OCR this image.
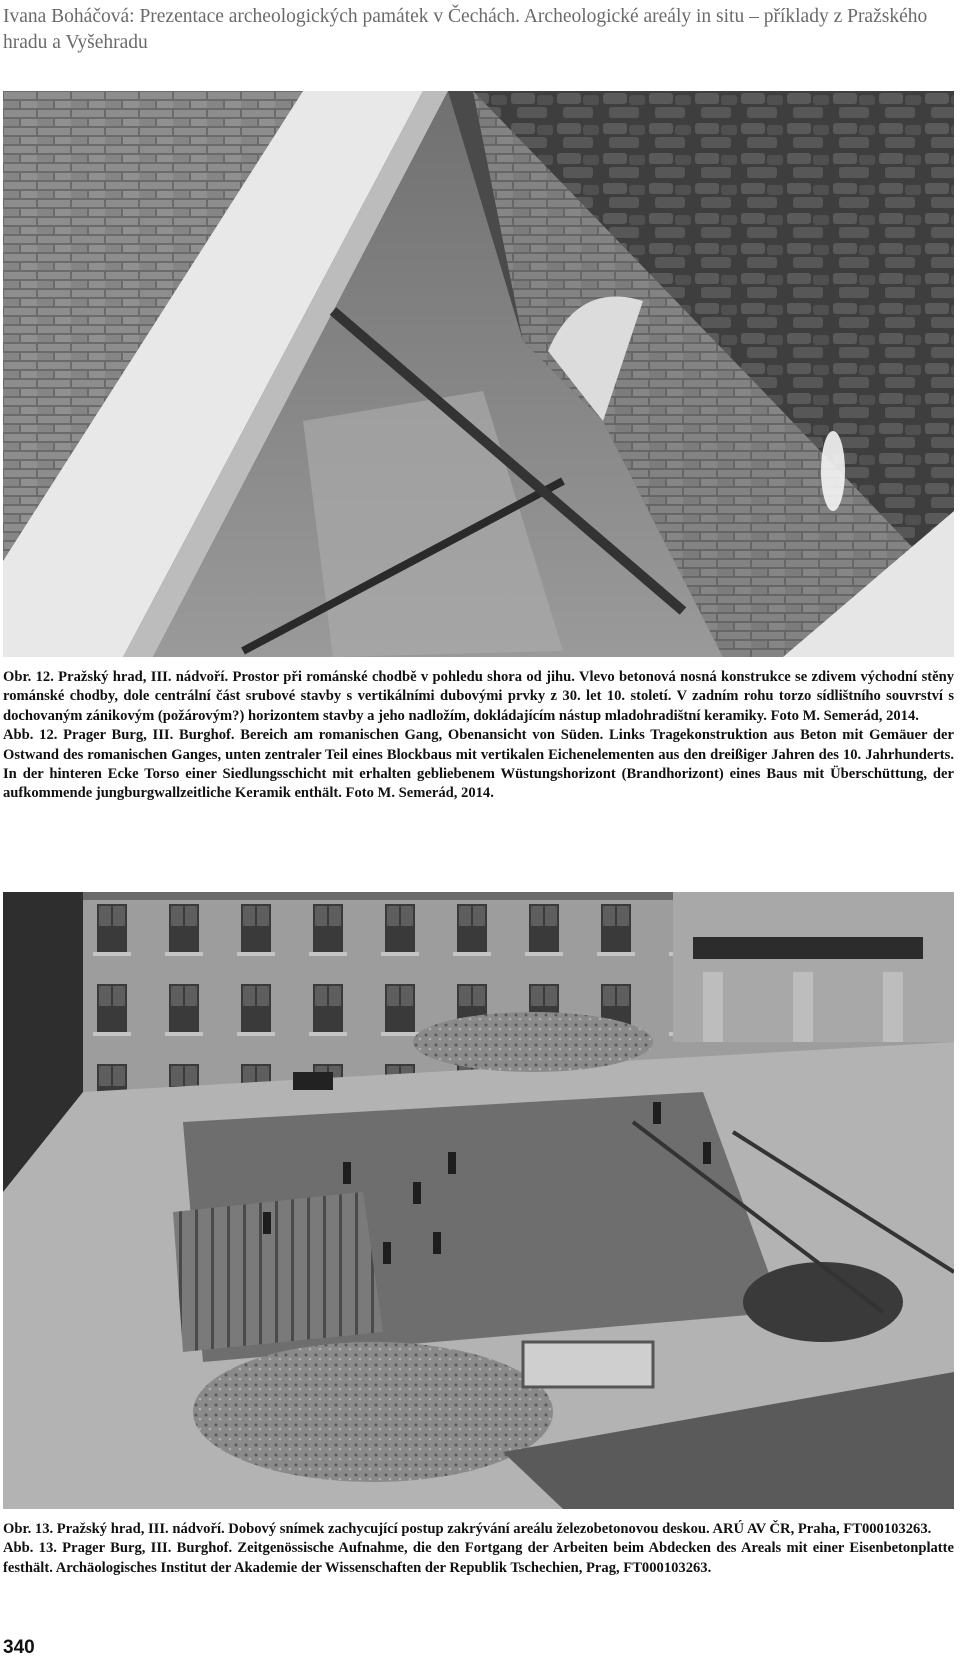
Ivana Boháčová: Prezentace archeologických památek v Čechách. Archeologické areály in situ – příklady z Pražského hradu a Vyšehradu

Obr. 12. Pražský hrad, III. nádvoří. Prostor při románské chodbě v pohledu shora od jihu. Vlevo betonová nosná konstrukce se zdivem východní stěny románské chodby, dole centrální část srubové stavby s vertikálními dubovými prvky z 30. let 10. století. V zadním rohu torzo sídlištního souvrství s dochovaným zánikovým (požárovým?) horizontem stavby a jeho nadložím, dokládajícím nástup mladohradištní keramiky. Foto M. Semerád, 2014.

Abb. 12. Prager Burg, III. Burghof. Bereich am romanischen Gang, Obenansicht von Süden. Links Tragekonstruktion aus Beton mit Gemäuer der Ostwand des romanischen Ganges, unten zentraler Teil eines Blockbaus mit vertikalen Eichenelementen aus den dreißiger Jahren des 10. Jahrhunderts. In der hinteren Ecke Torso einer Siedlungsschicht mit erhalten gebliebenem Wüstungshorizont (Brandhorizont) eines Baus mit Überschüttung, der aufkommende jungburgwallzeitliche Keramik enthält. Foto M. Semerád, 2014.

Obr. 13. Pražský hrad, III. nádvoří. Dobový snímek zachycující postup zakrývání areálu železobetonovou deskou. ARÚ AV ČR, Praha, FT000103263.

Abb. 13. Prager Burg, III. Burghof. Zeitgenössische Aufnahme, die den Fortgang der Arbeiten beim Abdecken des Areals mit einer Eisenbetonplatte festhält. Archäologisches Institut der Akademie der Wissenschaften der Republik Tschechien, Prag, FT000103263.

340
